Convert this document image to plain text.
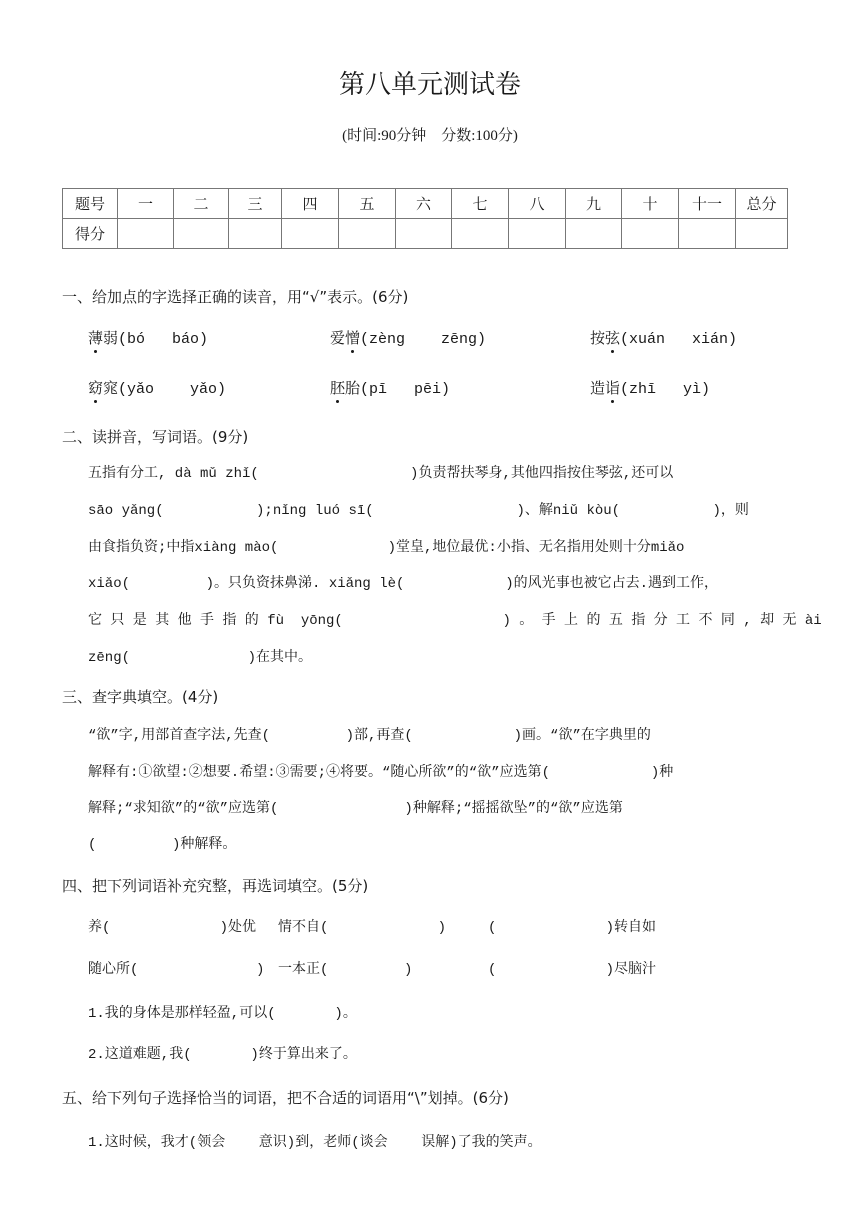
第八单元测试卷
(时间:90分钟    分数:100分)
题号	一	二	三	四	五	六	七	八	九	十	十一	总分
得分												
一、给加点的字选择正确的读音，用“√”表示。(6分)
薄弱(bó   báo)	爱憎(zèng    zēng)	按弦(xuán   xián)
窈窕(yǎo    yǎo)	胚胎(pī   pēi)	造诣(zhī   yì)
二、读拼音，写词语。(9分)
五指有分工, dà mǔ zhǐ(                  )负责帮扶琴身,其他四指按住琴弦,还可以
sāo yǎng(           );nǐng luó sī(                 )、解niǔ kòu(           )，则
由食指负资;中指xiàng mào(             )堂皇,地位最优:小指、无名指用处则十分miǎo
xiǎo(         )。只负资抹鼻涕. xiǎng lè(            )的风光事也被它占去.遇到工作，
它 只 是 其 他 手 指 的 fù  yōng(                   ) 。 手 上 的 五 指 分 工 不 同 , 却 无 ài
zēng(              )在其中。
三、查字典填空。(4分)
“欲”字,用部首查字法,先查(         )部,再查(            )画。“欲”在字典里的
解释有:①欲望:②想要.希望:③需要;④将要。“随心所欲”的“欲”应选第(            )种
解释;“求知欲”的“欲”应选第(               )种解释;“摇摇欲坠”的“欲”应选第
(         )种解释。
四、把下列词语补充究整，再选词填空。(5分)
养(             )处优 情不自(             )	(             )转自如
随心所(              ) 一本正(         )	(             )尽脑汁
1.我的身体是那样轻盈,可以(       )。
2.这道难题,我(       )终于算出来了。
五、给下列句子选择恰当的词语，把不合适的词语用“\”划掉。(6分)
1.这时候，我才(领会    意识)到，老师(谈会    误解)了我的笑声。
